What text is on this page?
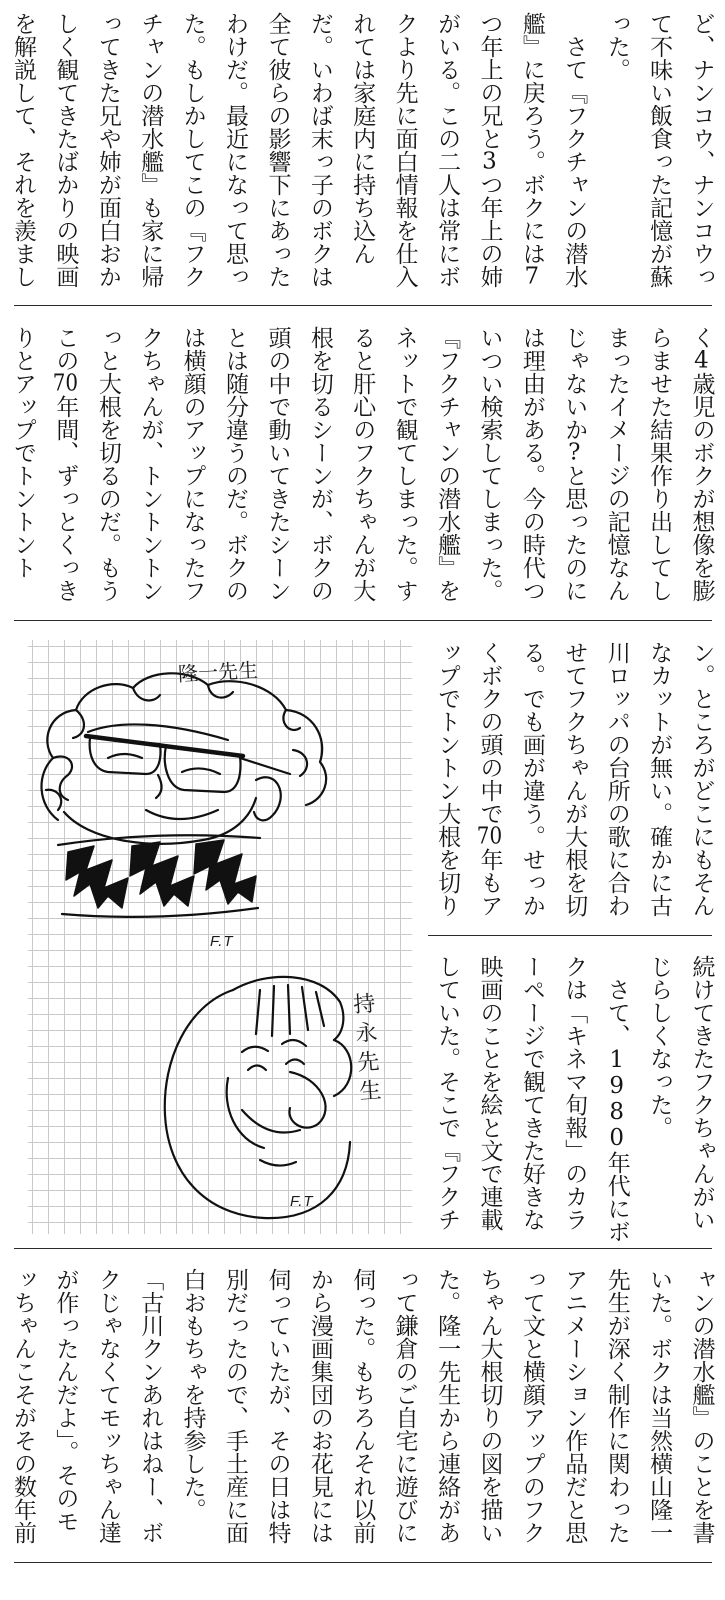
ど、ナンコウ、ナンコウっ
て不味い飯食った記憶が蘇
った。
　さて『フクチャンの潜水
艦』に戻ろう。ボクには7
つ年上の兄と3つ年上の姉
がいる。この二人は常にボ
クより先に面白情報を仕入
れては家庭内に持ち込ん
だ。いわば末っ子のボクは
全て彼らの影響下にあった
わけだ。最近になって思っ
た。もしかしてこの『フク
チャンの潜水艦』も家に帰
ってきた兄や姉が面白おか
しく観てきたばかりの映画
を解説して、それを羨まし
く4歳児のボクが想像を膨
らませた結果作り出してし
まったイメージの記憶なん
じゃないか?と思ったのに
は理由がある。今の時代つ
いつい検索してしまった。
『フクチャンの潜水艦』を
ネットで観てしまった。す
ると肝心のフクちゃんが大
根を切るシーンが、ボクの
頭の中で動いてきたシーン
とは随分違うのだ。ボクの
は横顔のアップになったフ
クちゃんが、トントントン
っと大根を切るのだ。もう
この70年間、ずっとくっき
りとアップでトントント
隆一先生
F.T
持永先生
F.T
ン。ところがどこにもそん
なカットが無い。確かに古
川ロッパの台所の歌に合わ
せてフクちゃんが大根を切
る。でも画が違う。せっか
くボクの頭の中で70年もア
ップでトントン大根を切り
続けてきたフクちゃんがい
じらしくなった。
　さて、1980年代にボ
クは「キネマ旬報」のカラ
ーページで観てきた好きな
映画のことを絵と文で連載
していた。そこで『フクチ
ャンの潜水艦』のことを書
いた。ボクは当然横山隆一
先生が深く制作に関わった
アニメーション作品だと思
って文と横顔アップのフク
ちゃん大根切りの図を描い
た。隆一先生から連絡があ
って鎌倉のご自宅に遊びに
伺った。もちろんそれ以前
から漫画集団のお花見には
伺っていたが、その日は特
別だったので、手土産に面
白おもちゃを持参した。
「古川クンあれはねー、ボ
クじゃなくてモッちゃん達
が作ったんだよ」。そのモ
ッちゃんこそがその数年前
